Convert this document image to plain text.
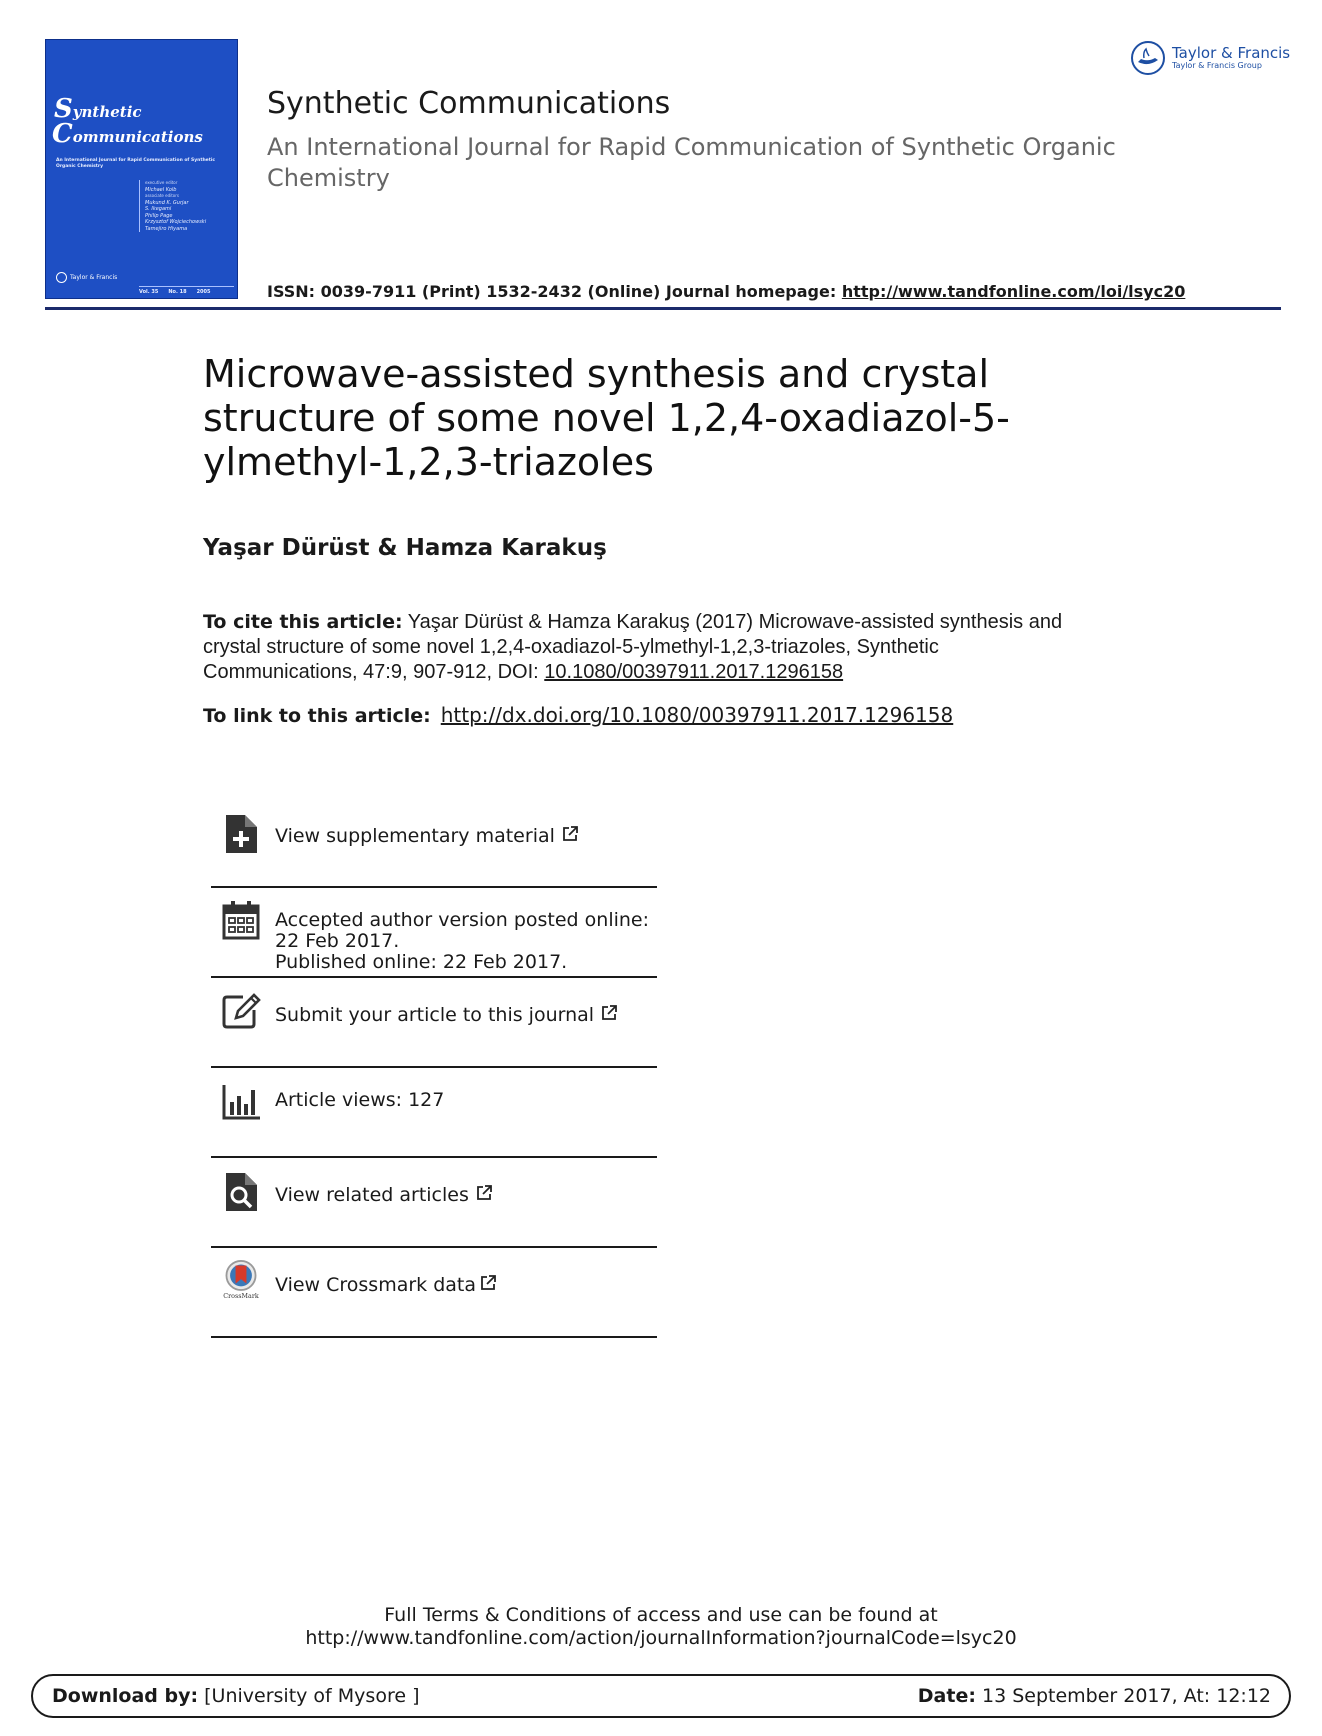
Synthetic
Communications
An International Journal for Rapid Communication of Synthetic Organic Chemistry
executive editor
Michael Kolb
associate editors
Mukund K. Gurjar
S. Ikegami
Philip Page
Krzysztof Wojciechowski
Tamejiro Hiyama
Taylor & Francis
Vol. 35 No. 18 2005
Synthetic Communications

An International Journal for Rapid Communication of Synthetic Organic Chemistry

ISSN: 0039-7911 (Print) 1532-2432 (Online) Journal homepage: http://www.tandfonline.com/loi/lsyc20
Taylor & Francis
Taylor & Francis Group
Microwave-assisted synthesis and crystal structure of some novel 1,2,4-oxadiazol-5-ylmethyl-1,2,3-triazoles

Yaşar Dürüst & Hamza Karakuş

To cite this article: Yaşar Dürüst & Hamza Karakuş (2017) Microwave-assisted synthesis and crystal structure of some novel 1,2,4-oxadiazol-5-ylmethyl-1,2,3-triazoles, Synthetic Communications, 47:9, 907-912, DOI: 10.1080/00397911.2017.1296158
To link to this article: http://dx.doi.org/10.1080/00397911.2017.1296158
View supplementary material
Accepted author version posted online: 22 Feb 2017.
Published online: 22 Feb 2017.
Submit your article to this journal
Article views: 127
View related articles
CrossMark
View Crossmark data
Full Terms & Conditions of access and use can be found at
http://www.tandfonline.com/action/journalInformation?journalCode=lsyc20
Download by: [University of Mysore ]	Date: 13 September 2017, At: 12:12
